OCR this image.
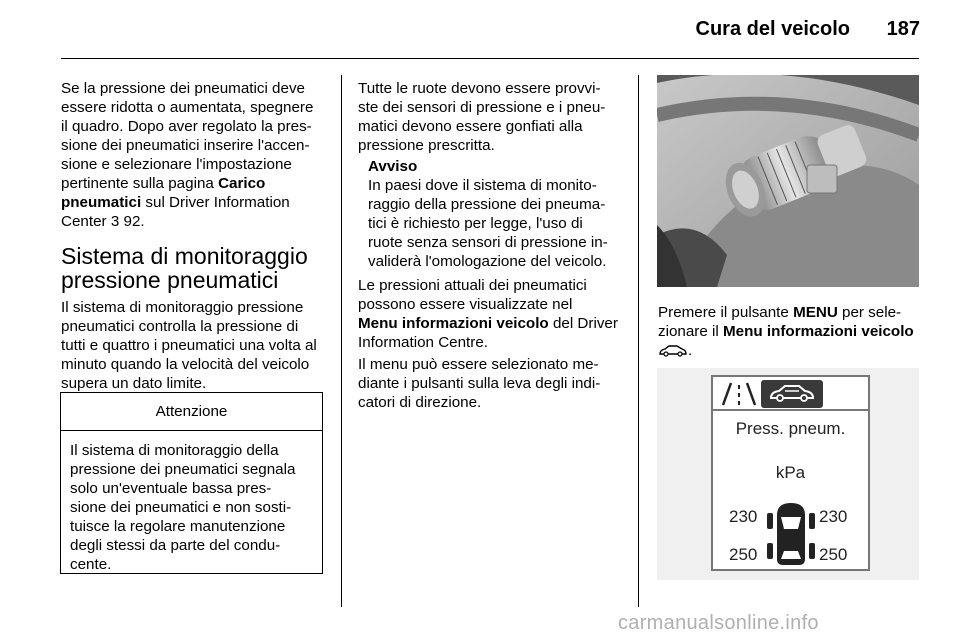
Cura del veicolo	187
Se la pressione dei pneumatici deve
essere ridotta o aumentata, spegnere
il quadro. Dopo aver regolato la pres-
sione dei pneumatici inserire l'accen-
sione e selezionare l'impostazione
pertinente sulla pagina Carico
pneumatici sul Driver Information
Center 3 92.
Sistema di monitoraggio
pressione pneumatici
Il sistema di monitoraggio pressione
pneumatici controlla la pressione di
tutti e quattro i pneumatici una volta al
minuto quando la velocità del veicolo
supera un dato limite.
Attenzione
Il sistema di monitoraggio della
pressione dei pneumatici segnala
solo un'eventuale bassa pres-
sione dei pneumatici e non sosti-
tuisce la regolare manutenzione
degli stessi da parte del condu-
cente.
Tutte le ruote devono essere provvi-
ste dei sensori di pressione e i pneu-
matici devono essere gonfiati alla
pressione prescritta.
Avviso
In paesi dove il sistema di monito-
raggio della pressione dei pneuma-
tici è richiesto per legge, l'uso di
ruote senza sensori di pressione in-
validerà l'omologazione del veicolo.
Le pressioni attuali dei pneumatici
possono essere visualizzate nel
Menu informazioni veicolo del Driver
Information Centre.
Il menu può essere selezionato me-
diante i pulsanti sulla leva degli indi-
catori di direzione.
Premere il pulsante MENU per sele-
zionare il Menu informazioni veicolo
.
Press. pneum.
kPa
230	230
250	250
carmanualsonline.info
